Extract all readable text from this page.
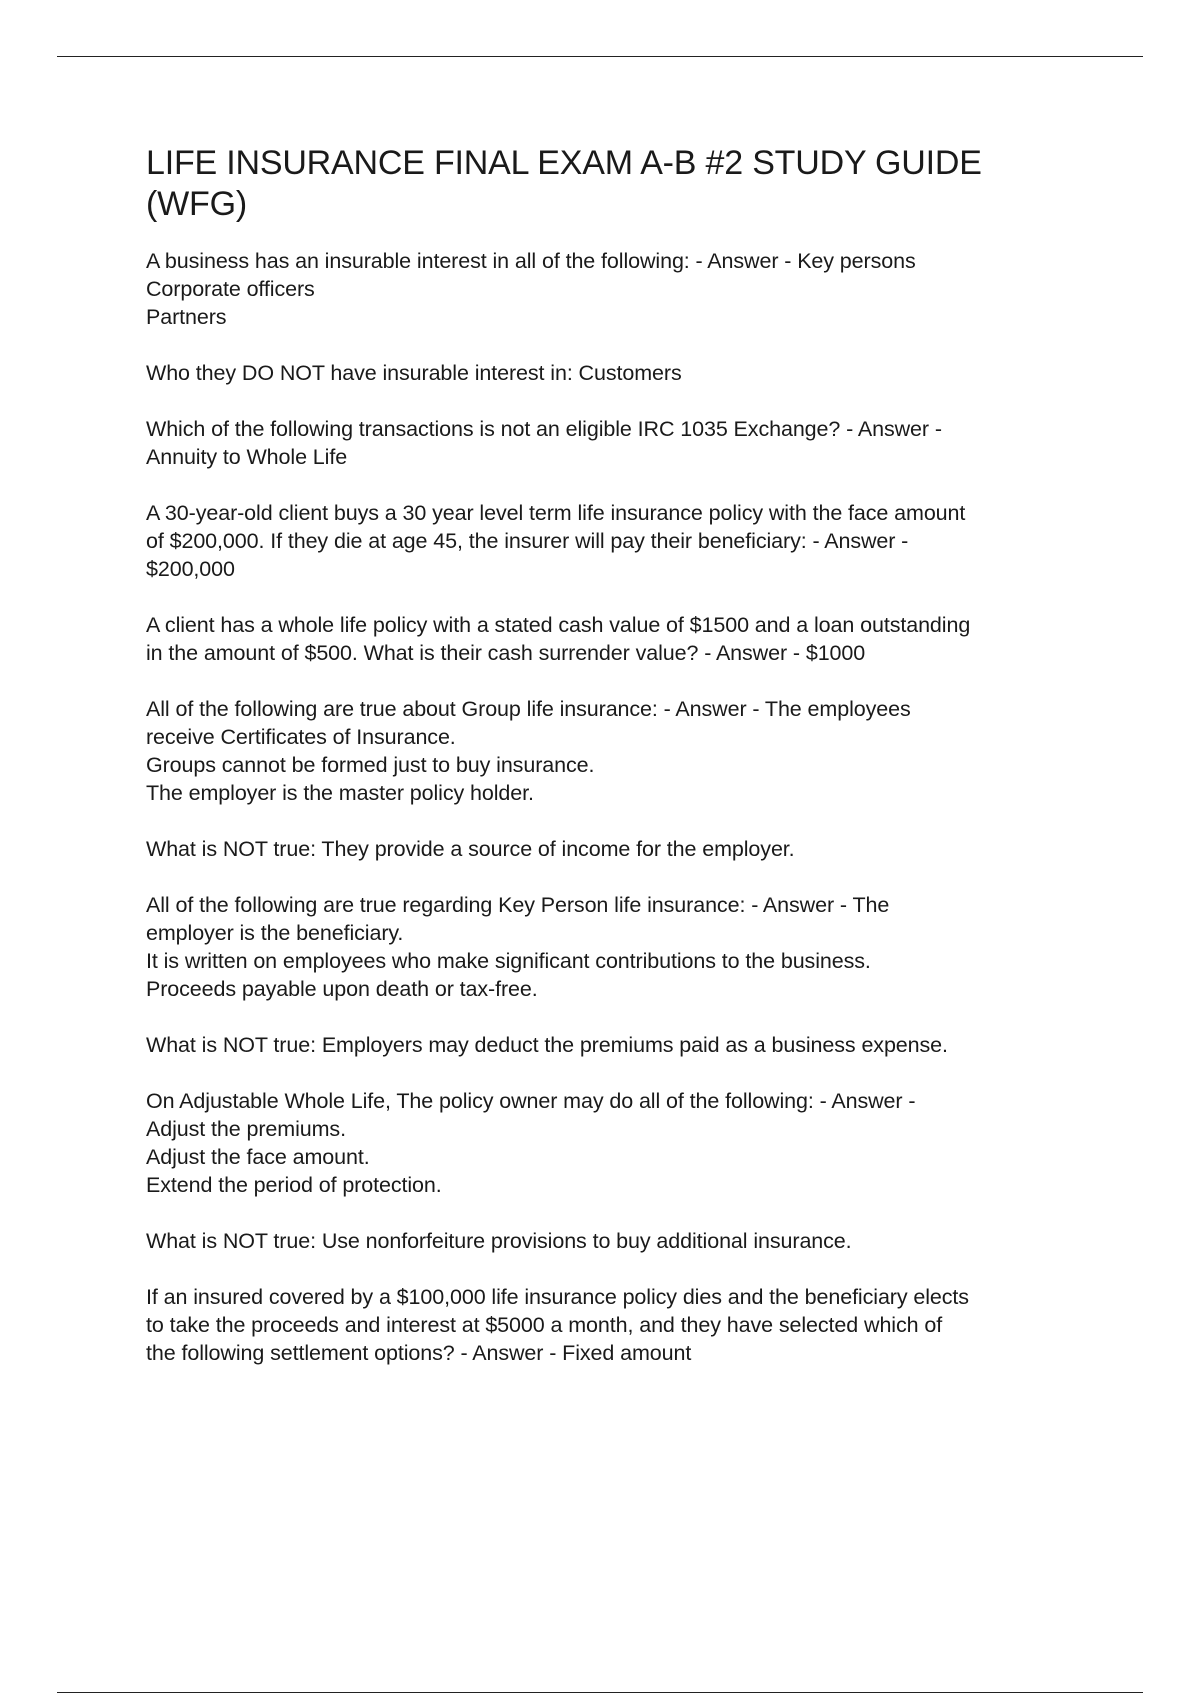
LIFE INSURANCE FINAL EXAM A-B #2 STUDY GUIDE
(WFG)
A business has an insurable interest in all of the following: - Answer - Key persons
Corporate officers
Partners
Who they DO NOT have insurable interest in: Customers
Which of the following transactions is not an eligible IRC 1035 Exchange? - Answer -
Annuity to Whole Life
A 30-year-old client buys a 30 year level term life insurance policy with the face amount
of $200,000. If they die at age 45, the insurer will pay their beneficiary: - Answer -
$200,000
A client has a whole life policy with a stated cash value of $1500 and a loan outstanding
in the amount of $500. What is their cash surrender value? - Answer - $1000
All of the following are true about Group life insurance: - Answer - The employees
receive Certificates of Insurance.
Groups cannot be formed just to buy insurance.
The employer is the master policy holder.
What is NOT true: They provide a source of income for the employer.
All of the following are true regarding Key Person life insurance: - Answer - The
employer is the beneficiary.
It is written on employees who make significant contributions to the business.
Proceeds payable upon death or tax-free.
What is NOT true: Employers may deduct the premiums paid as a business expense.
On Adjustable Whole Life, The policy owner may do all of the following: - Answer -
Adjust the premiums.
Adjust the face amount.
Extend the period of protection.
What is NOT true: Use nonforfeiture provisions to buy additional insurance.
If an insured covered by a $100,000 life insurance policy dies and the beneficiary elects
to take the proceeds and interest at $5000 a month, and they have selected which of
the following settlement options? - Answer - Fixed amount
